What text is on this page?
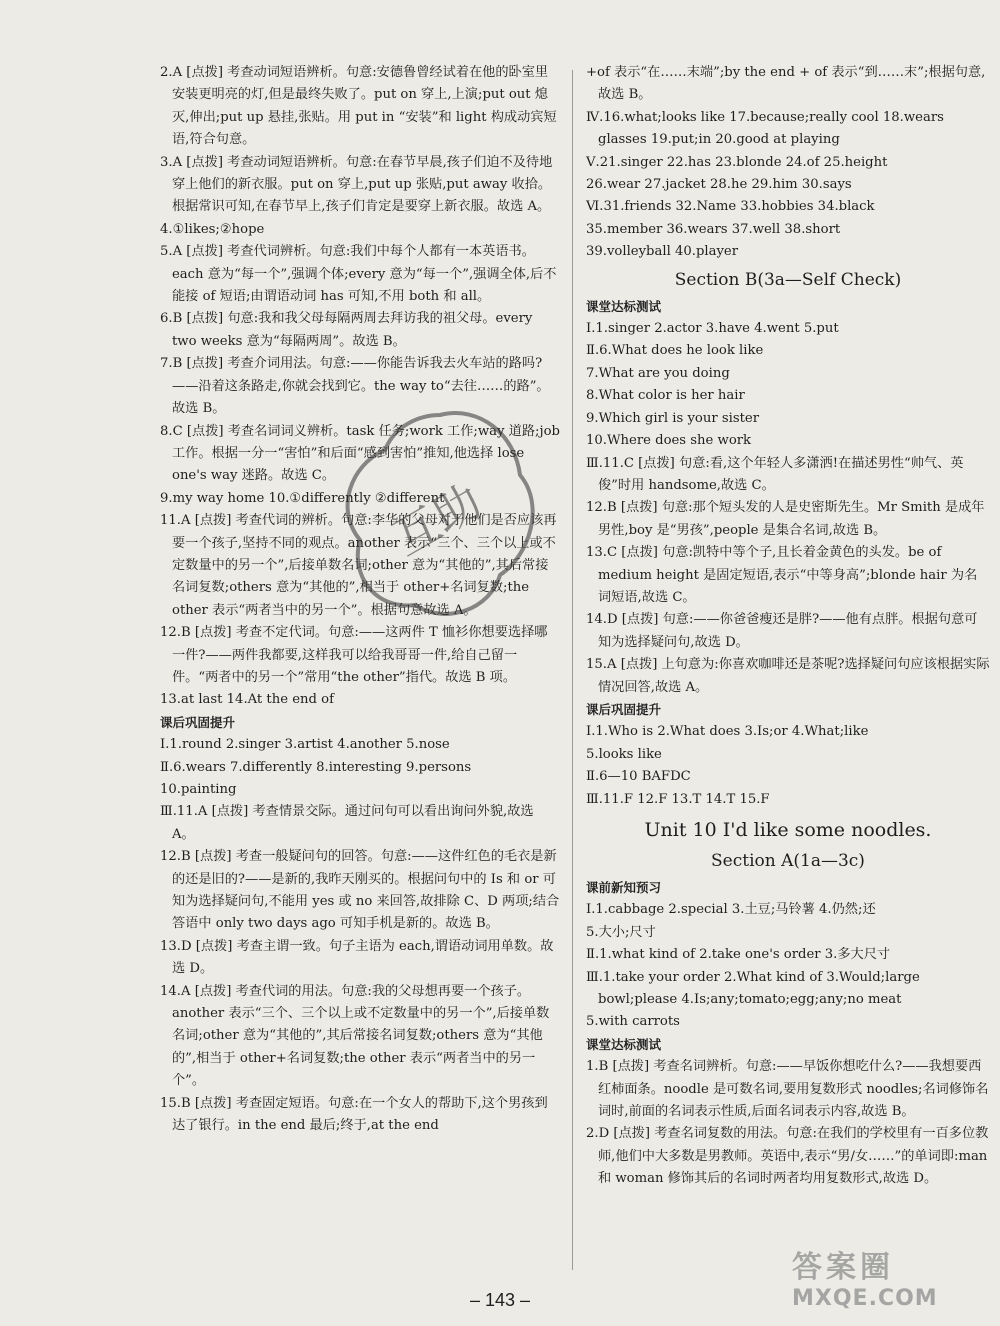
2.A [点拨] 考查动词短语辨析。句意:安德鲁曾经试着在他的卧室里安装更明亮的灯,但是最终失败了。put on 穿上,上演;put out 熄灭,伸出;put up 悬挂,张贴。用 put in “安装”和 light 构成动宾短语,符合句意。
3.A [点拨] 考查动词短语辨析。句意:在春节早晨,孩子们迫不及待地穿上他们的新衣服。put on 穿上,put up 张贴,put away 收拾。根据常识可知,在春节早上,孩子们肯定是要穿上新衣服。故选 A。
4.①likes;②hope
5.A [点拨] 考查代词辨析。句意:我们中每个人都有一本英语书。each 意为“每一个”,强调个体;every 意为“每一个”,强调全体,后不能接 of 短语;由谓语动词 has 可知,不用 both 和 all。
6.B [点拨] 句意:我和我父母每隔两周去拜访我的祖父母。every two weeks 意为“每隔两周”。故选 B。
7.B [点拨] 考查介词用法。句意:——你能告诉我去火车站的路吗?——沿着这条路走,你就会找到它。the way to“去往……的路”。故选 B。
8.C [点拨] 考查名词词义辨析。task 任务;work 工作;way 道路;job 工作。根据一分一“害怕”和后面“感到害怕”推知,他选择 lose one's way 迷路。故选 C。
9.my way home 10.①differently ②different
11.A [点拨] 考查代词的辨析。句意:李华的父母对于他们是否应该再要一个孩子,坚持不同的观点。another 表示“三个、三个以上或不定数量中的另一个”,后接单数名词;other 意为“其他的”,其后常接名词复数;others 意为“其他的”,相当于 other+名词复数;the other 表示“两者当中的另一个”。根据句意故选 A。
12.B [点拨] 考查不定代词。句意:——这两件 T 恤衫你想要选择哪一件?——两件我都要,这样我可以给我哥哥一件,给自己留一件。“两者中的另一个”常用“the other”指代。故选 B 项。
13.at last 14.At the end of
课后巩固提升
Ⅰ.1.round 2.singer 3.artist 4.another 5.nose
Ⅱ.6.wears 7.differently 8.interesting 9.persons
10.painting
Ⅲ.11.A [点拨] 考查情景交际。通过问句可以看出询问外貌,故选 A。
12.B [点拨] 考查一般疑问句的回答。句意:——这件红色的毛衣是新的还是旧的?——是新的,我昨天刚买的。根据问句中的 Is 和 or 可知为选择疑问句,不能用 yes 或 no 来回答,故排除 C、D 两项;结合答语中 only two days ago 可知手机是新的。故选 B。
13.D [点拨] 考查主谓一致。句子主语为 each,谓语动词用单数。故选 D。
14.A [点拨] 考查代词的用法。句意:我的父母想再要一个孩子。another 表示“三个、三个以上或不定数量中的另一个”,后接单数名词;other 意为“其他的”,其后常接名词复数;others 意为“其他的”,相当于 other+名词复数;the other 表示“两者当中的另一个”。
15.B [点拨] 考查固定短语。句意:在一个女人的帮助下,这个男孩到达了银行。in the end 最后;终于,at the end
+of 表示“在……末端”;by the end + of 表示“到……末”;根据句意,故选 B。
Ⅳ.16.what;looks like 17.because;really cool 18.wears glasses 19.put;in 20.good at playing
Ⅴ.21.singer 22.has 23.blonde 24.of 25.height
26.wear 27.jacket 28.he 29.him 30.says
Ⅵ.31.friends 32.Name 33.hobbies 34.black
35.member 36.wears 37.well 38.short
39.volleyball 40.player
Section B(3a—Self Check)
课堂达标测试
Ⅰ.1.singer 2.actor 3.have 4.went 5.put
Ⅱ.6.What does he look like
7.What are you doing
8.What color is her hair
9.Which girl is your sister
10.Where does she work
Ⅲ.11.C [点拨] 句意:看,这个年轻人多潇洒!在描述男性“帅气、英俊”时用 handsome,故选 C。
12.B [点拨] 句意:那个短头发的人是史密斯先生。Mr Smith 是成年男性,boy 是“男孩”,people 是集合名词,故选 B。
13.C [点拨] 句意:凯特中等个子,且长着金黄色的头发。be of medium height 是固定短语,表示“中等身高”;blonde hair 为名词短语,故选 C。
14.D [点拨] 句意:——你爸爸瘦还是胖?——他有点胖。根据句意可知为选择疑问句,故选 D。
15.A [点拨] 上句意为:你喜欢咖啡还是茶呢?选择疑问句应该根据实际情况回答,故选 A。
课后巩固提升
Ⅰ.1.Who is 2.What does 3.Is;or 4.What;like
5.looks like
Ⅱ.6—10 BAFDC
Ⅲ.11.F 12.F 13.T 14.T 15.F
Unit 10 I'd like some noodles.
Section A(1a—3c)
课前新知预习
Ⅰ.1.cabbage 2.special 3.土豆;马铃薯 4.仍然;还
5.大小;尺寸
Ⅱ.1.what kind of 2.take one's order 3.多大尺寸
Ⅲ.1.take your order 2.What kind of 3.Would;large bowl;please 4.Is;any;tomato;egg;any;no meat
5.with carrots
课堂达标测试
1.B [点拨] 考查名词辨析。句意:——早饭你想吃什么?——我想要西红柿面条。noodle 是可数名词,要用复数形式 noodles;名词修饰名词时,前面的名词表示性质,后面名词表示内容,故选 B。
2.D [点拨] 考查名词复数的用法。句意:在我们的学校里有一百多位教师,他们中大多数是男教师。英语中,表示“男/女……”的单词即:man 和 woman 修饰其后的名词时两者均用复数形式,故选 D。
互助
– 143 –
答案圈
MXQE.COM
